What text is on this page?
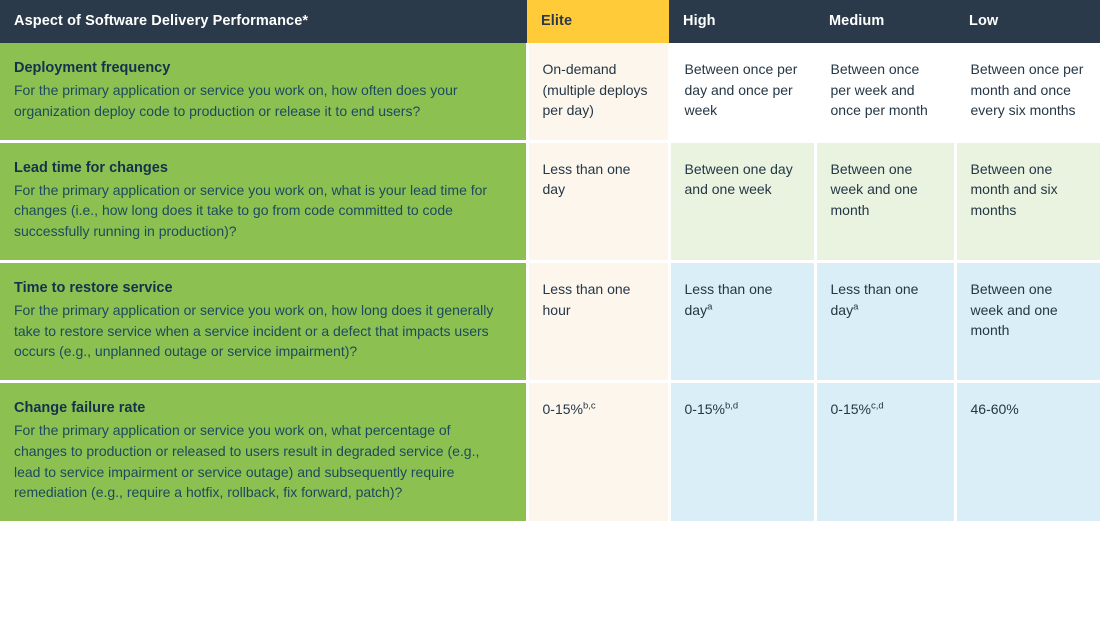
Aspect of Software Delivery Performance*	Elite	High	Medium	Low

Deployment frequency

For the primary application or service you work on, how often does your organization deploy code to production or release it to end users?	On-demand (multiple deploys per day)	Between once per day and once per week	Between once per week and once per month	Between once per month and once every six months

Lead time for changes

For the primary application or service you work on, what is your lead time for changes (i.e., how long does it take to go from code committed to code successfully running in production)?	Less than one day	Between one day and one week	Between one week and one month	Between one month and six months

Time to restore service

For the primary application or service you work on, how long does it generally take to restore service when a service incident or a defect that impacts users occurs (e.g., unplanned outage or service impairment)?	Less than one hour	Less than one day$^a$	Less than one day$^a$	Between one week and one month

Change failure rate

For the primary application or service you work on, what percentage of changes to production or released to users result in degraded service (e.g., lead to service impairment or service outage) and subsequently require remediation (e.g., require a hotfix, rollback, fix forward, patch)?	0-15%$^{b,c}$	0-15%$^{b,d}$	0-15%$^{c,d}$	46-60%
